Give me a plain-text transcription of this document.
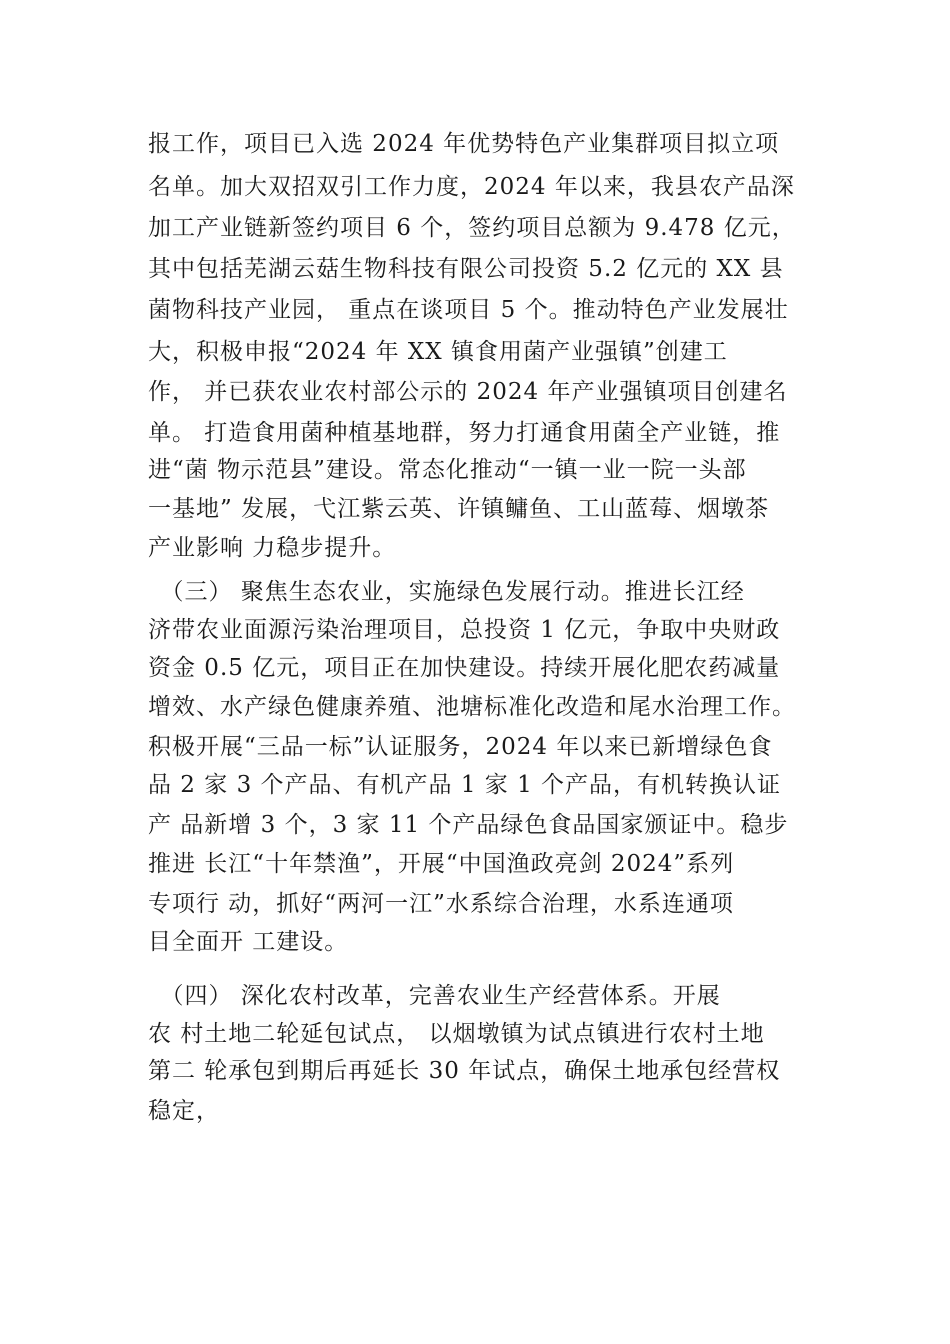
报工作，项目已入选 2024 年优势特色产业集群项目拟立项
名单。加大双招双引工作力度，2024 年以来，我县农产品深
加工产业链新签约项目 6 个，签约项目总额为 9.478 亿元，
其中包括芜湖云菇生物科技有限公司投资 5.2 亿元的 XX 县
菌物科技产业园， 重点在谈项目 5 个。推动特色产业发展壮
大，积极申报“2024 年 XX 镇食用菌产业强镇”创建工
作， 并已获农业农村部公示的 2024 年产业强镇项目创建名
单。 打造食用菌种植基地群，努力打通食用菌全产业链，推
进“菌 物示范县”建设。常态化推动“一镇一业一院一头部
一基地” 发展，弋江紫云英、许镇鳙鱼、工山蓝莓、烟墩茶
产业影响 力稳步提升。
　（三） 聚焦生态农业，实施绿色发展行动。推进长江经
济带农业面源污染治理项目，总投资 1 亿元，争取中央财政
资金 0.5 亿元，项目正在加快建设。持续开展化肥农药减量
增效、水产绿色健康养殖、池塘标准化改造和尾水治理工作。
积极开展“三品一标”认证服务，2024 年以来已新增绿色食
品 2 家 3 个产品、有机产品 1 家 1 个产品，有机转换认证
产 品新增 3 个，3 家 11 个产品绿色食品国家颁证中。稳步
推进 长江“十年禁渔”，开展“中国渔政亮剑 2024”系列
专项行 动，抓好“两河一江”水系综合治理，水系连通项
目全面开 工建设。
　（四） 深化农村改革，完善农业生产经营体系。开展
农 村土地二轮延包试点， 以烟墩镇为试点镇进行农村土地
第二 轮承包到期后再延长 30 年试点，确保土地承包经营权
稳定，
